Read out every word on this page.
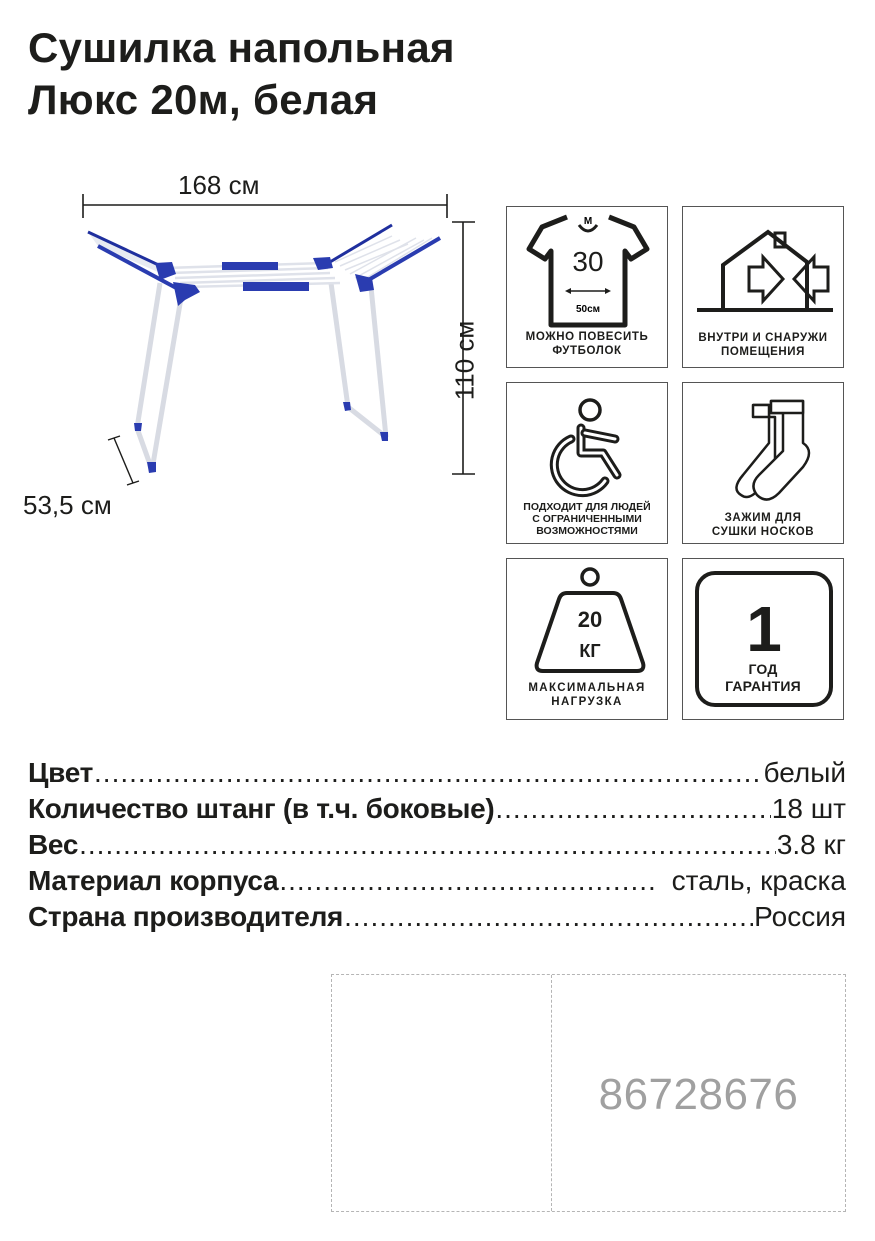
Сушилка напольная
Люкс 20м, белая
168 см
110 см
53,5 см
M
30
50см
МОЖНО ПОВЕСИТЬ
ФУТБОЛОК
ВНУТРИ И СНАРУЖИ
ПОМЕЩЕНИЯ
ПОДХОДИТ ДЛЯ ЛЮДЕЙ
С ОГРАНИЧЕННЫМИ
ВОЗМОЖНОСТЯМИ
ЗАЖИМ ДЛЯ
СУШКИ НОСКОВ
20
КГ
МАКСИМАЛЬНАЯ
НАГРУЗКА
1
ГОД
ГАРАНТИЯ
Цвет .....	белый
Количество штанг (в т.ч. боковые) .....	18 шт
Вес .....	3.8 кг
Материал корпуса .....	сталь, краска
Страна производителя .....	Россия
86728676
